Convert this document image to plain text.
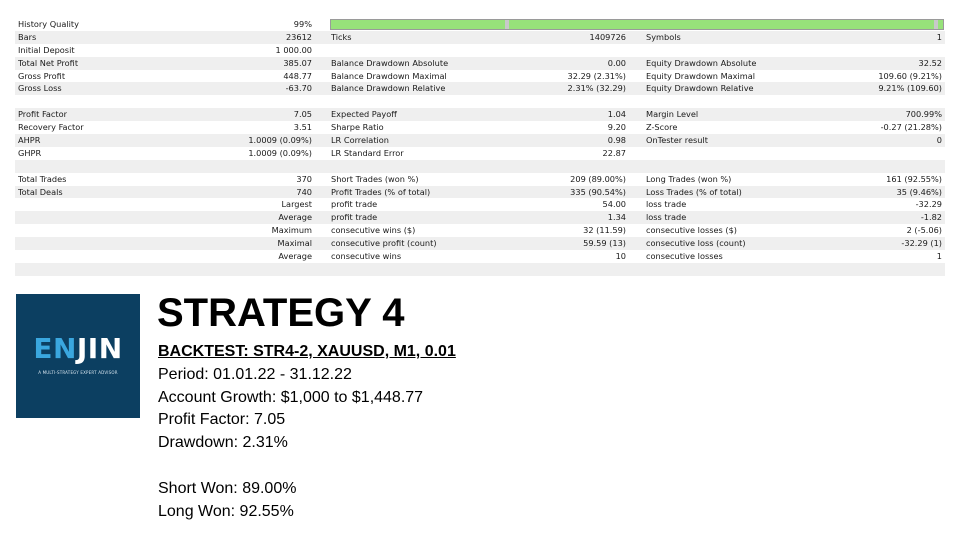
History Quality	99%
Bars	23612 Ticks	1409726 Symbols	1
Initial Deposit	1 000.00
Total Net Profit	385.07 Balance Drawdown Absolute	0.00 Equity Drawdown Absolute	32.52
Gross Profit	448.77 Balance Drawdown Maximal	32.29 (2.31%) Equity Drawdown Maximal	109.60 (9.21%)
Gross Loss	-63.70 Balance Drawdown Relative	2.31% (32.29) Equity Drawdown Relative	9.21% (109.60)
Profit Factor	7.05 Expected Payoff	1.04 Margin Level	700.99%
Recovery Factor	3.51 Sharpe Ratio	9.20 Z-Score	-0.27 (21.28%)
AHPR	1.0009 (0.09%) LR Correlation	0.98 OnTester result	0
GHPR	1.0009 (0.09%) LR Standard Error	22.87
Total Trades	370 Short Trades (won %)	209 (89.00%) Long Trades (won %)	161 (92.55%)
Total Deals	740 Profit Trades (% of total)	335 (90.54%) Loss Trades (% of total)	35 (9.46%)
Largest profit trade	54.00 loss trade	-32.29
Average profit trade	1.34 loss trade	-1.82
Maximum consecutive wins ($)	32 (11.59) consecutive losses ($)	2 (-5.06)
Maximal consecutive profit (count)	59.59 (13) consecutive loss (count)	-32.29 (1)
Average consecutive wins	10 consecutive losses	1
ENJIN
A MULTI-STRATEGY EXPERT ADVISOR
STRATEGY 4
BACKTEST: STR4-2, XAUUSD, M1, 0.01
Period: 01.01.22 - 31.12.22
Account Growth: $1,000 to $1,448.77
Profit Factor: 7.05
Drawdown: 2.31%
Short Won: 89.00%
Long Won: 92.55%
